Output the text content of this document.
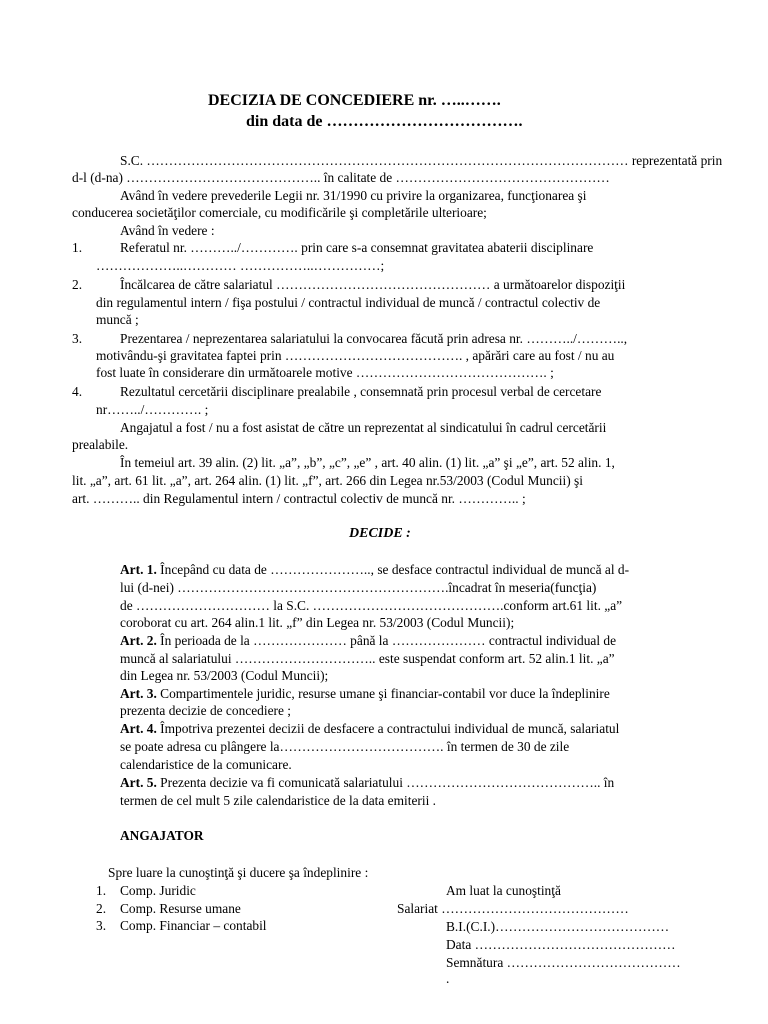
DECIZIA DE CONCEDIERE nr. …..…….
din data de ……………………………….
S.C. ……………………………………………………………………………………………… reprezentată prin
d-l (d-na) …………………………………….. în calitate de …………………………………………
Având în vedere prevederile Legii nr. 31/1990 cu privire la organizarea, funcţionarea şi
conducerea societăţilor comerciale, cu modificările şi completările ulterioare;
Având în vedere :
1.	Referatul nr. ………../…………. prin care s-a consemnat gravitatea abaterii disciplinare
………………..………… ……………..……………;
2.	Încălcarea de către salariatul ………………………………………… a următoarelor dispoziţii
din regulamentul intern / fişa postului / contractul individual de muncă / contractul colectiv de
muncă ;
3.	Prezentarea / neprezentarea salariatului la convocarea făcută prin adresa nr. ………../………..,
motivându-şi gravitatea faptei prin …………………………………. , apărări care au fost / nu au
fost luate în considerare din următoarele motive ……………………………………. ;
4.	Rezultatul cercetării disciplinare prealabile , consemnată prin procesul verbal de cercetare
nr……../…………. ;
Angajatul a fost / nu a fost asistat de către un reprezentat al sindicatului în cadrul cercetării
prealabile.
În temeiul art. 39 alin. (2) lit. „a”, „b”, „c”, „e” , art. 40 alin. (1) lit. „a” şi „e”, art. 52 alin. 1,
lit. „a”, art. 61 lit. „a”, art. 264 alin. (1) lit. „f”, art. 266 din Legea nr.53/2003 (Codul Muncii) şi
art. ……….. din Regulamentul intern / contractul colectiv de muncă nr. ………….. ;
DECIDE :
Art. 1. Începând cu data de ………………….., se desface contractul individual de muncă al d-
lui (d-nei) …………………………………………………….încadrat în meseria(funcţia)
de ………………………… la S.C. …………………………………….conform art.61 lit. „a”
coroborat cu art. 264 alin.1 lit. „f” din Legea nr. 53/2003 (Codul Muncii);
Art. 2. În perioada de la ………………… până la ………………… contractul individual de
muncă al salariatului ………………………….. este suspendat conform art. 52 alin.1 lit. „a”
din Legea nr. 53/2003 (Codul Muncii);
Art. 3. Compartimentele juridic, resurse umane şi financiar-contabil vor duce la îndeplinire
prezenta decizie de concediere ;
Art. 4. Împotriva prezentei decizii de desfacere a contractului individual de muncă, salariatul
se poate adresa cu plângere la………………………………. în termen de 30 de zile
calendaristice de la comunicare.
Art. 5. Prezenta decizie va fi comunicată salariatului …………………………………….. în
termen de cel mult 5 zile calendaristice de la data emiterii .
ANGAJATOR
Spre luare la cunoştinţă şi ducere şa îndeplinire :
1. Comp. Juridic
2. Comp. Resurse umane
3. Comp. Financiar – contabil
Am luat la cunoştinţă
Salariat ……………………………………
B.I.(C.I.)…………………………………
Data ………………………………………
Semnătura …………………………………
.
